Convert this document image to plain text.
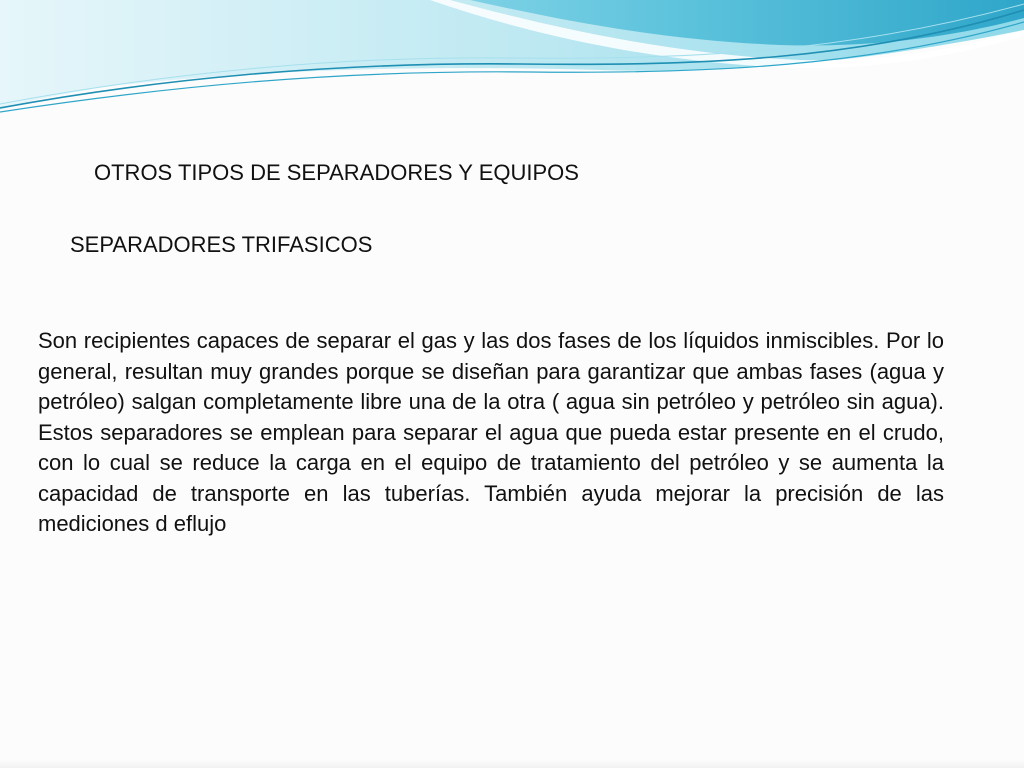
OTROS TIPOS DE SEPARADORES Y EQUIPOS
SEPARADORES TRIFASICOS

Son recipientes capaces de separar el gas y las dos fases de los líquidos inmiscibles. Por lo general, resultan muy grandes porque se diseñan para garantizar que ambas fases (agua y petróleo) salgan completamente libre una de la otra ( agua sin petróleo y petróleo sin agua). Estos separadores se emplean para separar el agua que pueda estar presente en el crudo, con lo cual se reduce la carga en el equipo de tratamiento del petróleo y se aumenta la capacidad de transporte en las tuberías. También ayuda mejorar la precisión de las mediciones d eflujo
